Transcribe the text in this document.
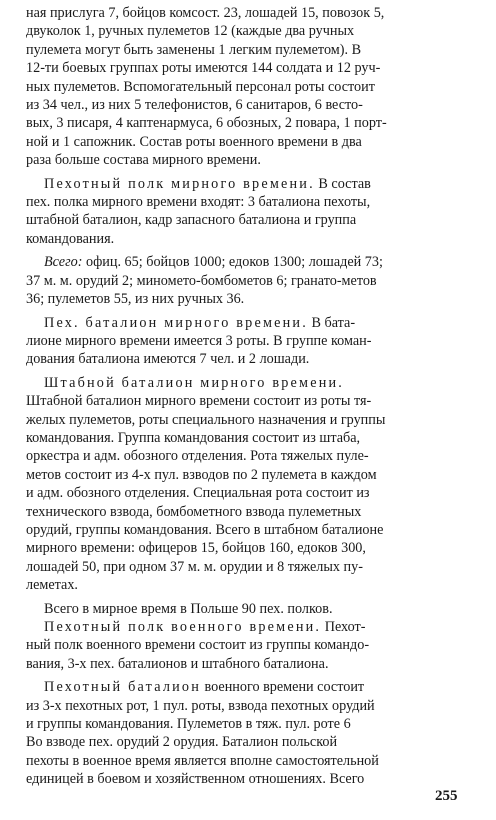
ная прислуга 7, бойцов комсост. 23, лошадей 15, повозок 5,

двуколок 1, ручных пулеметов 12 (каждые два ручных

пулемета могут быть заменены 1 легким пулеметом). В

12-ти боевых группах роты имеются 144 солдата и 12 руч-

ных пулеметов. Вспомогательный персонал роты состоит

из 34 чел., из них 5 телефонистов, 6 санитаров, 6 весто-

вых, 3 писаря, 4 каптенармуса, 6 обозных, 2 повара, 1 порт-

ной и 1 сапожник. Состав роты военного времени в два

раза больше состава мирного времени.

Пехотный полк мирного времени. В состав

пех. полка мирного времени входят: 3 баталиона пехоты,

штабной баталион, кадр запасного баталиона и группа

командования.

Всего: офиц. 65; бойцов 1000; едоков 1300; лошадей 73;

37 м. м. орудий 2; миномето-бомбометов 6; гранато-метов

36; пулеметов 55, из них ручных 36.

Пех. баталион мирного времени. В бата-

лионе мирного времени имеется 3 роты. В группе коман-

дования баталиона имеются 7 чел. и 2 лошади.

Штабной баталион мирного времени.

Штабной баталион мирного времени состоит из роты тя-

желых пулеметов, роты специального назначения и группы

командования. Группа командования состоит из штаба,

оркестра и адм. обозного отделения. Рота тяжелых пуле-

метов состоит из 4-х пул. взводов по 2 пулемета в каждом

и адм. обозного отделения. Специальная рота состоит из

технического взвода, бомбометного взвода пулеметных

орудий, группы командования. Всего в штабном баталионе

мирного времени: офицеров 15, бойцов 160, едоков 300,

лошадей 50, при одном 37 м. м. орудии и 8 тяжелых пу-

леметах.

Всего в мирное время в Польше 90 пех. полков.

Пехотный полк военного времени. Пехот-

ный полк военного времени состоит из группы командо-

вания, 3-х пех. баталионов и штабного баталиона.

Пехотный баталион военного времени состоит

из 3-х пехотных рот, 1 пул. роты, взвода пехотных орудий

и группы командования. Пулеметов в тяж. пул. роте 6

Во взводе пех. орудий 2 орудия. Баталион польской

пехоты в военное время является вполне самостоятельной

единицей в боевом и хозяйственном отношениях. Всего

255
